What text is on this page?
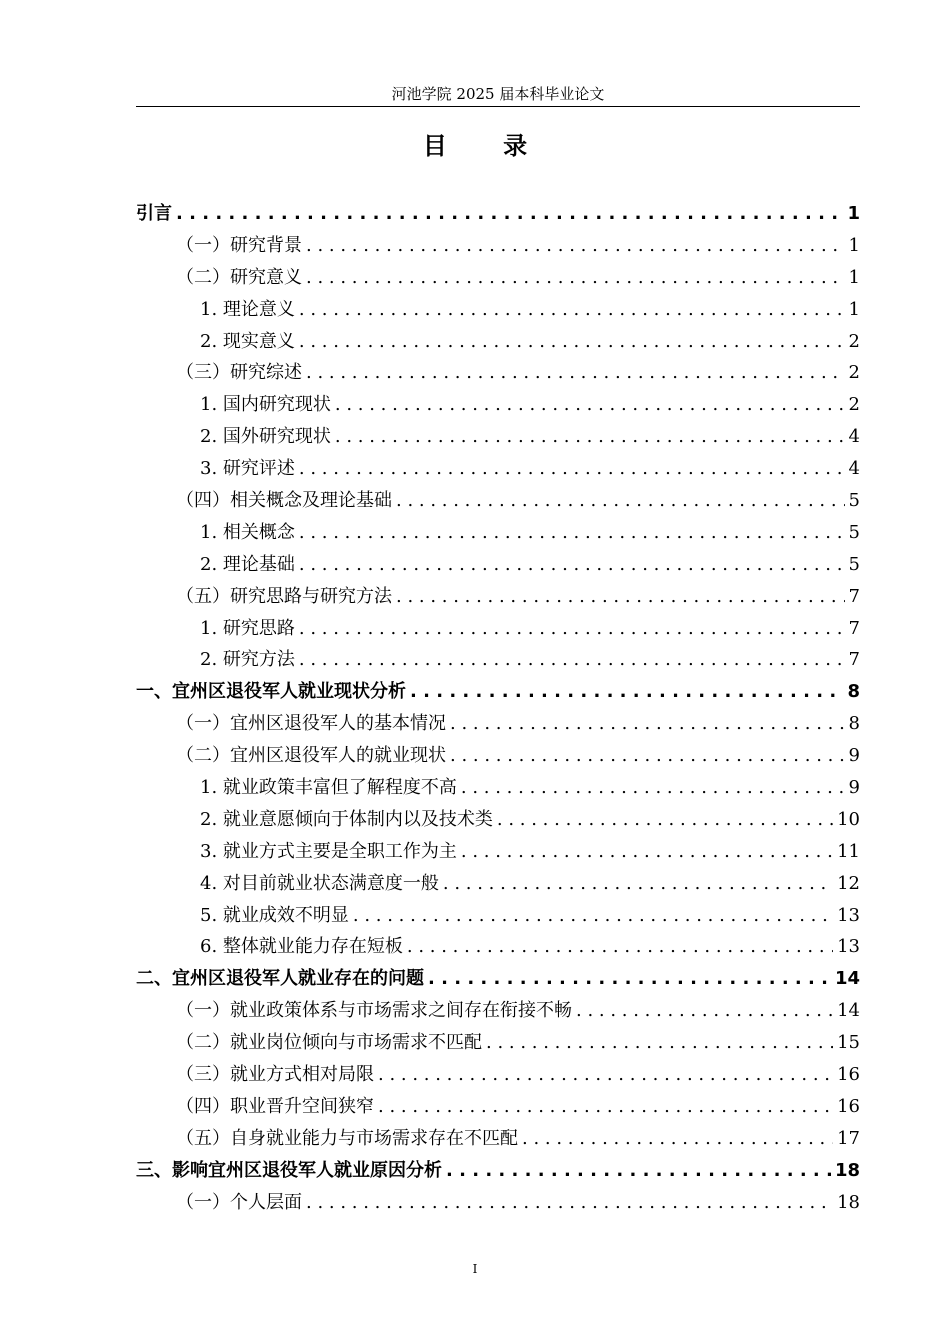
河池学院 2025 届本科毕业论文
目 录
引言 . . .	1
（一）研究背景 . . .	1
（二）研究意义 . . .	1
1. 理论意义 . . .	1
2. 现实意义 . . .	2
（三）研究综述 . . .	2
1. 国内研究现状 . . .	2
2. 国外研究现状 . . .	4
3. 研究评述 . . .	4
（四）相关概念及理论基础 . . .	5
1. 相关概念 . . .	5
2. 理论基础 . . .	5
（五）研究思路与研究方法 . . .	7
1. 研究思路 . . .	7
2. 研究方法 . . .	7
一、宜州区退役军人就业现状分析 . . .	8
（一）宜州区退役军人的基本情况 . . .	8
（二）宜州区退役军人的就业现状 . . .	9
1. 就业政策丰富但了解程度不高 . . .	9
2. 就业意愿倾向于体制内以及技术类 . . .	10
3. 就业方式主要是全职工作为主 . . .	11
4. 对目前就业状态满意度一般 . . .	12
5. 就业成效不明显 . . .	13
6. 整体就业能力存在短板 . . .	13
二、宜州区退役军人就业存在的问题 . . .	14
（一）就业政策体系与市场需求之间存在衔接不畅 . . .	14
（二）就业岗位倾向与市场需求不匹配 . . .	15
（三）就业方式相对局限 . . .	16
（四）职业晋升空间狭窄 . . .	16
（五）自身就业能力与市场需求存在不匹配 . . .	17
三、影响宜州区退役军人就业原因分析 . . .	18
（一）个人层面 . . .	18
I
